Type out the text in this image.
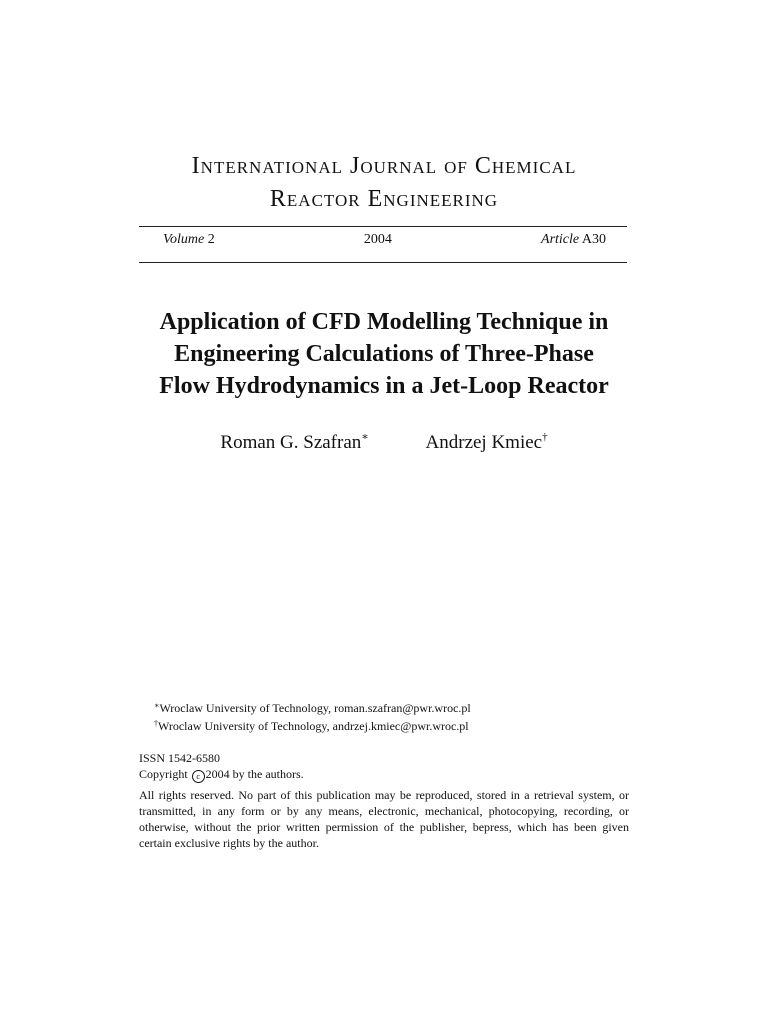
International Journal of Chemical
Reactor Engineering
Volume 2	2004	Article A30
Application of CFD Modelling Technique in
Engineering Calculations of Three-Phase
Flow Hydrodynamics in a Jet-Loop Reactor
Roman G. Szafran∗	Andrzej Kmiec†
∗Wroclaw University of Technology, roman.szafran@pwr.wroc.pl
†Wroclaw University of Technology, andrzej.kmiec@pwr.wroc.pl
ISSN 1542-6580
Copyright c 2004 by the authors.
All rights reserved. No part of this publication may be reproduced, stored in a retrieval system, or transmitted, in any form or by any means, electronic, mechanical, photocopying, recording, or otherwise, without the prior written permission of the publisher, bepress, which has been given certain exclusive rights by the author.
